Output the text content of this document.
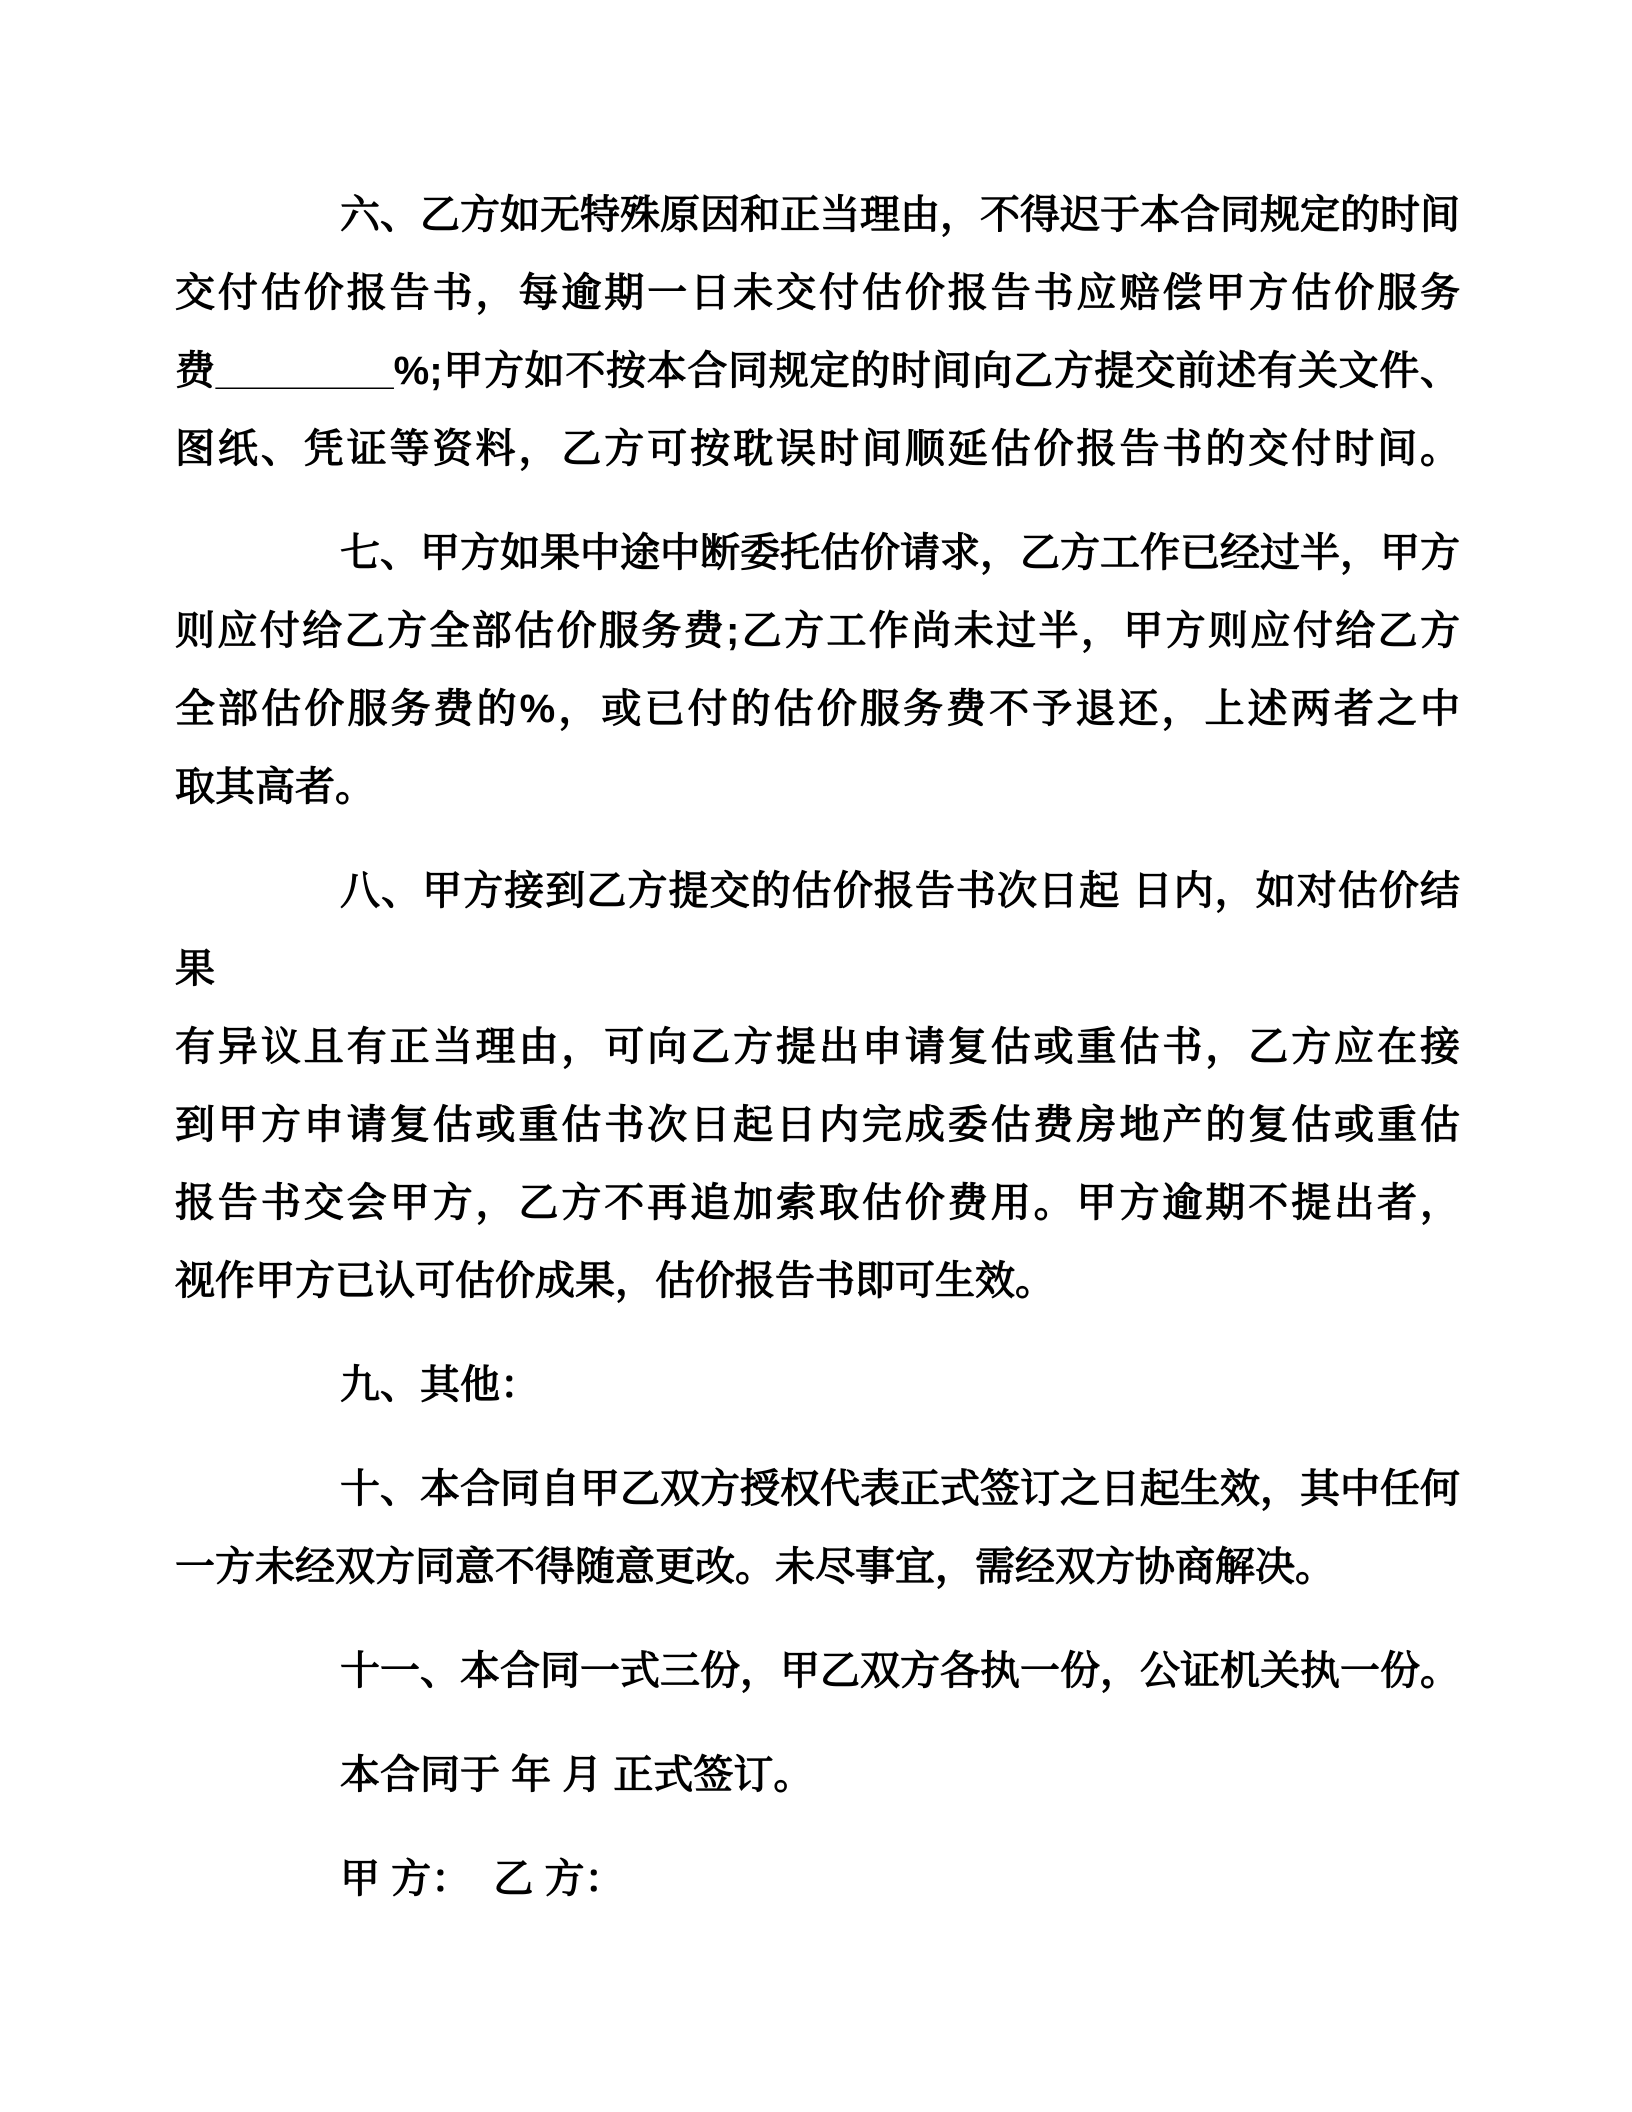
六、乙方如无特殊原因和正当理由，不得迟于本合同规定的时间
交付估价报告书，每逾期一日未交付估价报告书应赔偿甲方估价服务
费________%;甲方如不按本合同规定的时间向乙方提交前述有关文件、
图纸、凭证等资料，乙方可按耽误时间顺延估价报告书的交付时间。
七、甲方如果中途中断委托估价请求，乙方工作已经过半，甲方
则应付给乙方全部估价服务费;乙方工作尚未过半，甲方则应付给乙方
全部估价服务费的%，或已付的估价服务费不予退还，上述两者之中
取其高者。
八、甲方接到乙方提交的估价报告书次日起 日内，如对估价结果
有异议且有正当理由，可向乙方提出申请复估或重估书，乙方应在接
到甲方申请复估或重估书次日起日内完成委估费房地产的复估或重估
报告书交会甲方，乙方不再追加索取估价费用。甲方逾期不提出者，
视作甲方已认可估价成果，估价报告书即可生效。
九、其他：
十、本合同自甲乙双方授权代表正式签订之日起生效，其中任何
一方未经双方同意不得随意更改。未尽事宜，需经双方协商解决。
十一、本合同一式三份，甲乙双方各执一份，公证机关执一份。
本合同于 年 月 正式签订。
甲 方：  乙 方：
